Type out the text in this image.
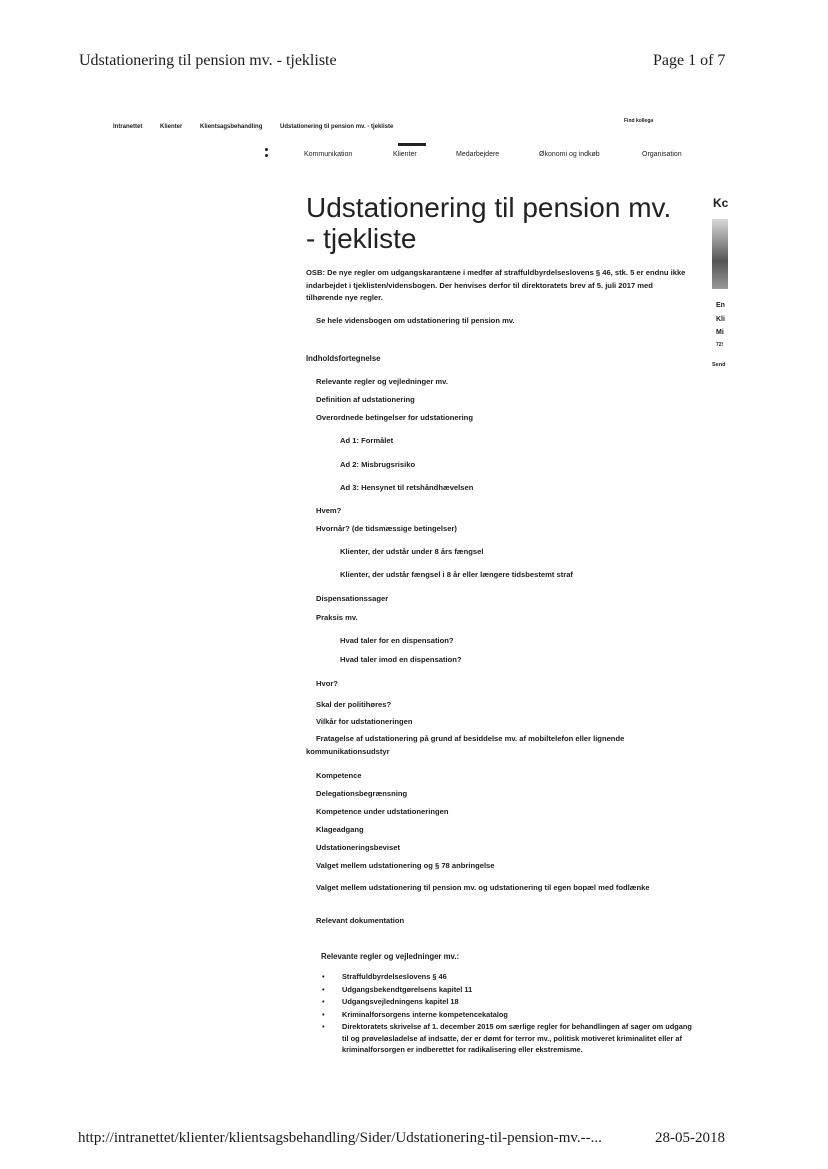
Udstationering til pension mv. - tjekliste	Page 1 of 7
Intranettet	Klienter	Klientsagsbehandling	Udstationering til pension mv. - tjekliste
Find kollega
Kommunikation	Klienter	Medarbejdere	Økonomi og indkøb	Organisation
Udstationering til pension mv. - tjekliste
OSB: De nye regler om udgangskarantæne i medfør af straffuldbyrdelseslovens § 46, stk. 5 er endnu ikke indarbejdet i tjeklisten/vidensbogen. Der henvises derfor til direktoratets brev af 5. juli 2017 med tilhørende nye regler.
Se hele vidensbogen om udstationering til pension mv.
Indholdsfortegnelse
Relevante regler og vejledninger mv.
Definition af udstationering
Overordnede betingelser for udstationering
Ad 1: Formålet
Ad 2: Misbrugsrisiko
Ad 3: Hensynet til retshåndhævelsen
Hvem?
Hvornår? (de tidsmæssige betingelser)
Klienter, der udstår under 8 års fængsel
Klienter, der udstår fængsel i 8 år eller længere tidsbestemt straf
Dispensationssager
Praksis mv.
Hvad taler for en dispensation?
Hvad taler imod en dispensation?
Hvor?
Skal der politihøres?
Vilkår for udstationeringen
Fratagelse af udstationering på grund af besiddelse mv. af mobiltelefon eller lignende kommunikationsudstyr
Kompetence
Delegationsbegrænsning
Kompetence under udstationeringen
Klageadgang
Udstationeringsbeviset
Valget mellem udstationering og § 78 anbringelse
Valget mellem udstationering til pension mv. og udstationering til egen bopæl med fodlænke
Relevant dokumentation
Relevante regler og vejledninger mv.:
• Straffuldbyrdelseslovens § 46
• Udgangsbekendtgørelsens kapitel 11
• Udgangsvejledningens kapitel 18
• Kriminalforsorgens interne kompetencekatalog
• Direktoratets skrivelse af 1. december 2015 om særlige regler for behandlingen af sager om udgang til og prøveløsladelse af indsatte, der er dømt for terror mv., politisk motiveret kriminalitet eller af kriminalforsorgen er indberettet for radikalisering eller ekstremisme.
Kc
En
Kli
Mi
72!
Send
http://intranettet/klienter/klientsagsbehandling/Sider/Udstationering-til-pension-mv.--...	28-05-2018
